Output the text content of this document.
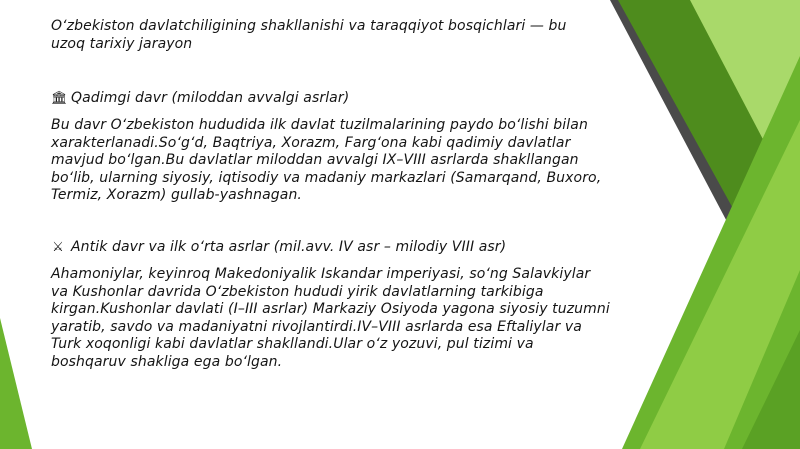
O‘zbekiston davlatchiligining shakllanishi va taraqqiyot bosqichlari — bu uzoq tarixiy jarayon

🏛 Qadimgi davr (miloddan avvalgi asrlar)

Bu davr O‘zbekiston hududida ilk davlat tuzilmalarining paydo bo‘lishi bilan xarakterlanadi.So‘g‘d, Baqtriya, Xorazm, Farg‘ona kabi qadimiy davlatlar mavjud bo‘lgan.Bu davlatlar miloddan avvalgi IX–VIII asrlarda shakllangan bo‘lib, ularning siyosiy, iqtisodiy va madaniy markazlari (Samarqand, Buxoro, Termiz, Xorazm) gullab-yashnagan.

⚔ Antik davr va ilk o‘rta asrlar (mil.avv. IV asr – milodiy VIII asr)

Ahamoniylar, keyinroq Makedoniyalik Iskandar imperiyasi, so‘ng Salavkiylar va Kushonlar davrida O‘zbekiston hududi yirik davlatlarning tarkibiga kirgan.Kushonlar davlati (I–III asrlar) Markaziy Osiyoda yagona siyosiy tuzumni yaratib, savdo va madaniyatni rivojlantirdi.IV–VIII asrlarda esa Eftaliylar va Turk xoqonligi kabi davlatlar shakllandi.Ular o‘z yozuvi, pul tizimi va boshqaruv shakliga ega bo‘lgan.
